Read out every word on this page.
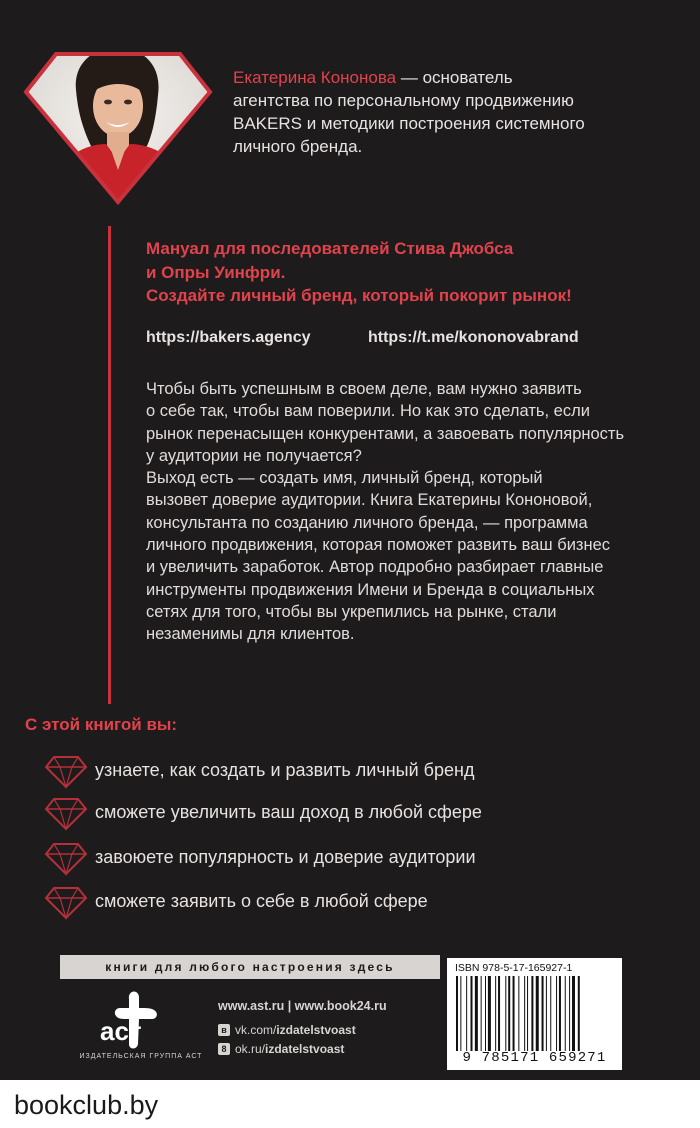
Екатерина Кононова — основатель
агентства по персональному продвижению
BAKERS и методики построения системного
личного бренда.
Мануал для последователей Стива Джобса
и Опры Уинфри.
Создайте личный бренд, который покорит рынок!
https://bakers.agency	https://t.me/kononovabrand

Чтобы быть успешным в своем деле, вам нужно заявить

о себе так, чтобы вам поверили. Но как это сделать, если

рынок перенасыщен конкурентами, а завоевать популярность

у аудитории не получается?

Выход есть — создать имя, личный бренд, который

вызовет доверие аудитории. Книга Екатерины Кононовой,

консультанта по созданию личного бренда, — программа

личного продвижения, которая поможет развить ваш бизнес

и увеличить заработок. Автор подробно разбирает главные

инструменты продвижения Имени и Бренда в социальных

сетях для того, чтобы вы укрепились на рынке, стали

незаменимы для клиентов.

С этой книгой вы:
узнаете, как создать и развить личный бренд
сможете увеличить ваш доход в любой сфере
завоюете популярность и доверие аудитории
сможете заявить о себе в любой сфере
книги для любого настроения здесь
аст
ИЗДАТЕЛЬСКАЯ ГРУППА АСТ
www.ast.ru | www.book24.ru
в vk.com/izdatelstvoast
8 ok.ru/izdatelstvoast
ISBN 978-5-17-165927-1
9 785171 659271
bookclub.by
